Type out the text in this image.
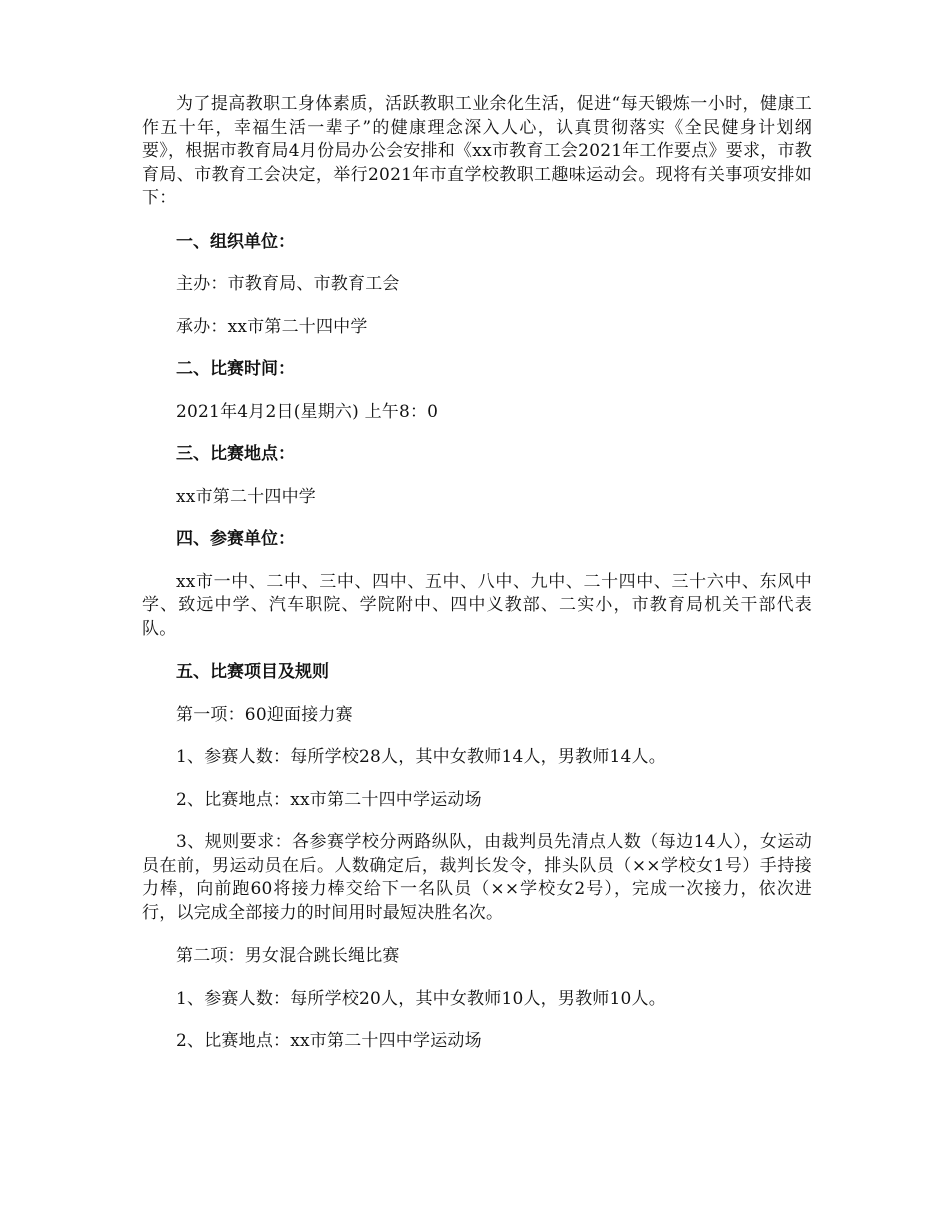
为了提高教职工身体素质，活跃教职工业余化生活，促进“每天锻炼一小时，健康工作五十年，幸福生活一辈子”的健康理念深入人心，认真贯彻落实《全民健身计划纲要》，根据市教育局4月份局办公会安排和《xx市教育工会2021年工作要点》要求，市教育局、市教育工会决定，举行2021年市直学校教职工趣味运动会。现将有关事项安排如下：

一、组织单位：

主办：市教育局、市教育工会

承办：xx市第二十四中学

二、比赛时间：

2021年4月2日(星期六) 上午8：0

三、比赛地点：

xx市第二十四中学

四、参赛单位：

xx市一中、二中、三中、四中、五中、八中、九中、二十四中、三十六中、东风中学、致远中学、汽车职院、学院附中、四中义教部、二实小，市教育局机关干部代表队。

五、比赛项目及规则

第一项：60迎面接力赛

1、参赛人数：每所学校28人，其中女教师14人，男教师14人。

2、比赛地点：xx市第二十四中学运动场

3、规则要求：各参赛学校分两路纵队，由裁判员先清点人数（每边14人），女运动员在前，男运动员在后。人数确定后，裁判长发令，排头队员（××学校女1号）手持接力棒，向前跑60将接力棒交给下一名队员（××学校女2号），完成一次接力，依次进行，以完成全部接力的时间用时最短决胜名次。

第二项：男女混合跳长绳比赛

1、参赛人数：每所学校20人，其中女教师10人，男教师10人。

2、比赛地点：xx市第二十四中学运动场
